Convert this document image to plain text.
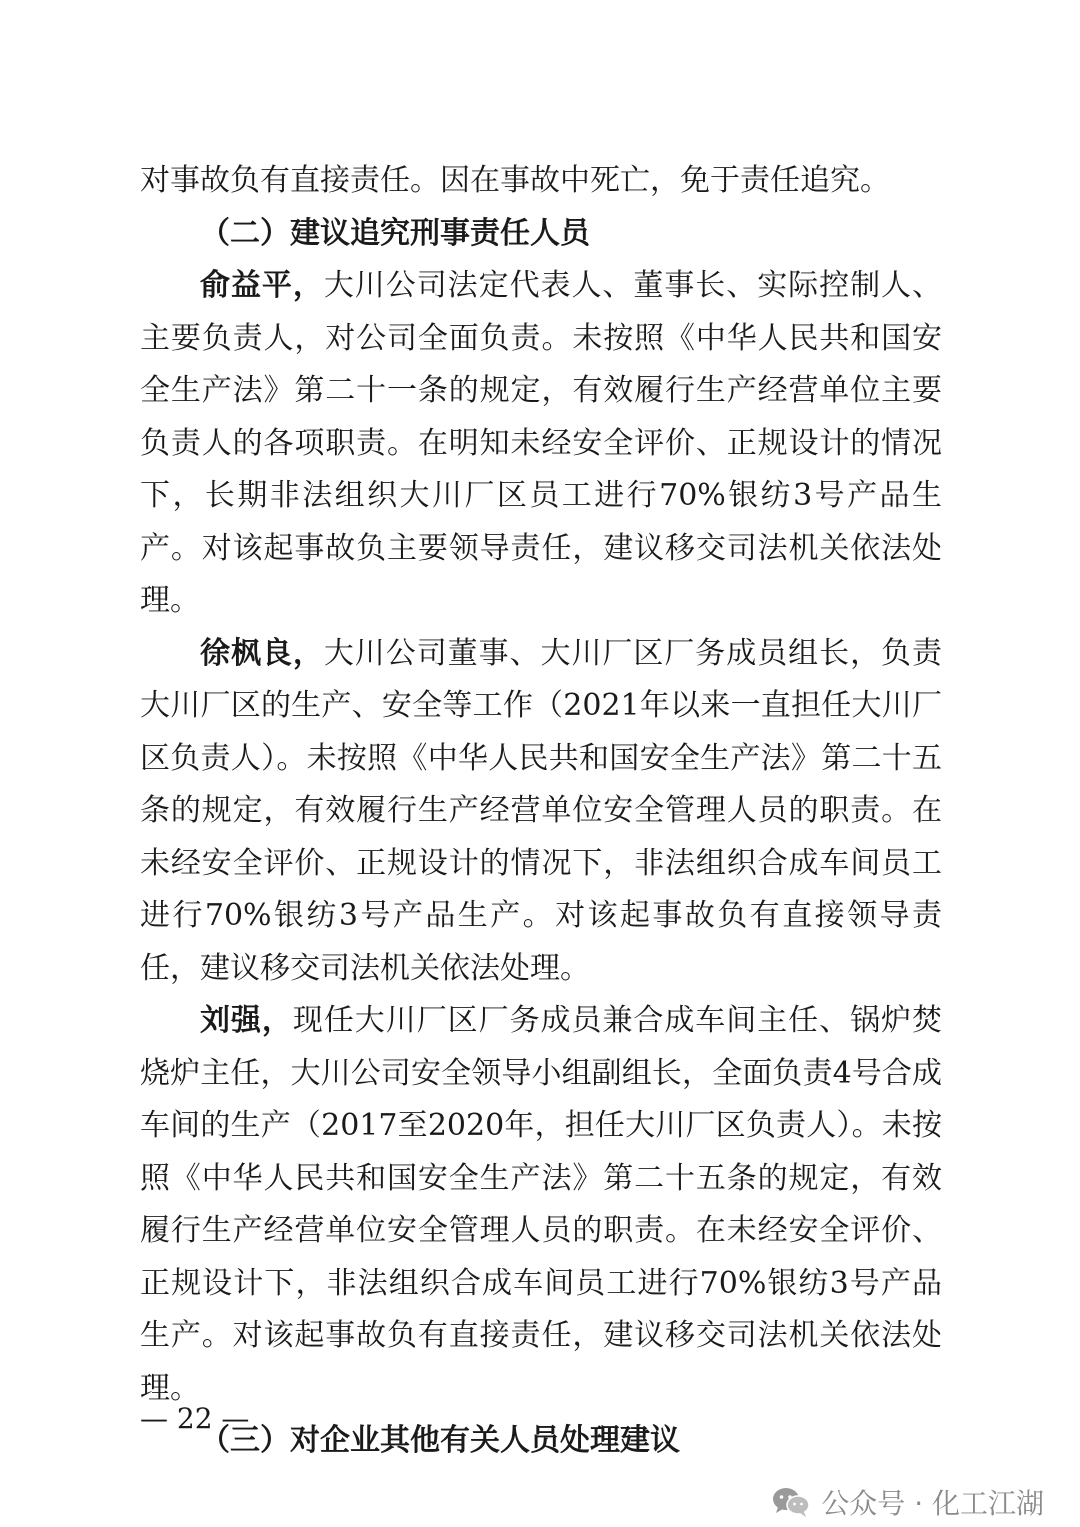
对事故负有直接责任。因在事故中死亡，免于责任追究。

（二）建议追究刑事责任人员

俞益平，大川公司法定代表人、董事长、实际控制人、主要负责人，对公司全面负责。未按照《中华人民共和国安全生产法》第二十一条的规定，有效履行生产经营单位主要负责人的各项职责。在明知未经安全评价、正规设计的情况下，长期非法组织大川厂区员工进行70%银纺3号产品生产。对该起事故负主要领导责任，建议移交司法机关依法处理。

徐枫良，大川公司董事、大川厂区厂务成员组长，负责大川厂区的生产、安全等工作（2021年以来一直担任大川厂区负责人）。未按照《中华人民共和国安全生产法》第二十五条的规定，有效履行生产经营单位安全管理人员的职责。在未经安全评价、正规设计的情况下，非法组织合成车间员工进行70%银纺3号产品生产。对该起事故负有直接领导责任，建议移交司法机关依法处理。

刘强，现任大川厂区厂务成员兼合成车间主任、锅炉焚烧炉主任，大川公司安全领导小组副组长，全面负责4号合成车间的生产（2017至2020年，担任大川厂区负责人）。未按照《中华人民共和国安全生产法》第二十五条的规定，有效履行生产经营单位安全管理人员的职责。在未经安全评价、正规设计下，非法组织合成车间员工进行70%银纺3号产品生产。对该起事故负有直接责任，建议移交司法机关依法处理。

（三）对企业其他有关人员处理建议

— 22 —
公众号 · 化工江湖
